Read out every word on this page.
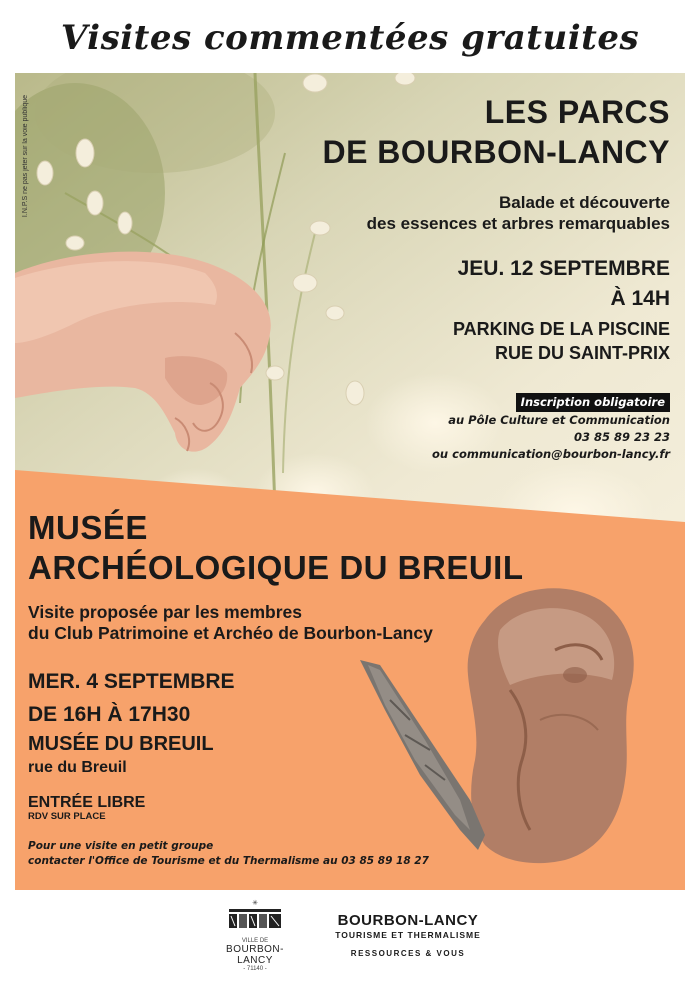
Visites commentées gratuites
I.N.P.S ne pas jeter sur la voie publique	LES PARCS
DE BOURBON-LANCY
Balade et découverte
des essences et arbres remarquables
JEU. 12 SEPTEMBRE
À 14H
PARKING DE LA PISCINE
RUE DU SAINT-PRIX
Inscription obligatoire
au Pôle Culture et Communication
03 85 89 23 23
ou communication@bourbon-lancy.fr
MUSÉE
ARCHÉOLOGIQUE DU BREUIL
Visite proposée par les membres
du Club Patrimoine et Archéo de Bourbon-Lancy
MER. 4 SEPTEMBRE
DE 16H À 17H30
MUSÉE DU BREUIL
rue du Breuil
ENTRÉE LIBRE
RDV SUR PLACE
Pour une visite en petit groupe
contacter l'Office de Tourisme et du Thermalisme au 03 85 89 18 27
✳
VILLE DE
BOURBON-LANCY
- 71140 -
BOURBON-LANCY
TOURISME ET THERMALISME
RESSOURCES & VOUS
